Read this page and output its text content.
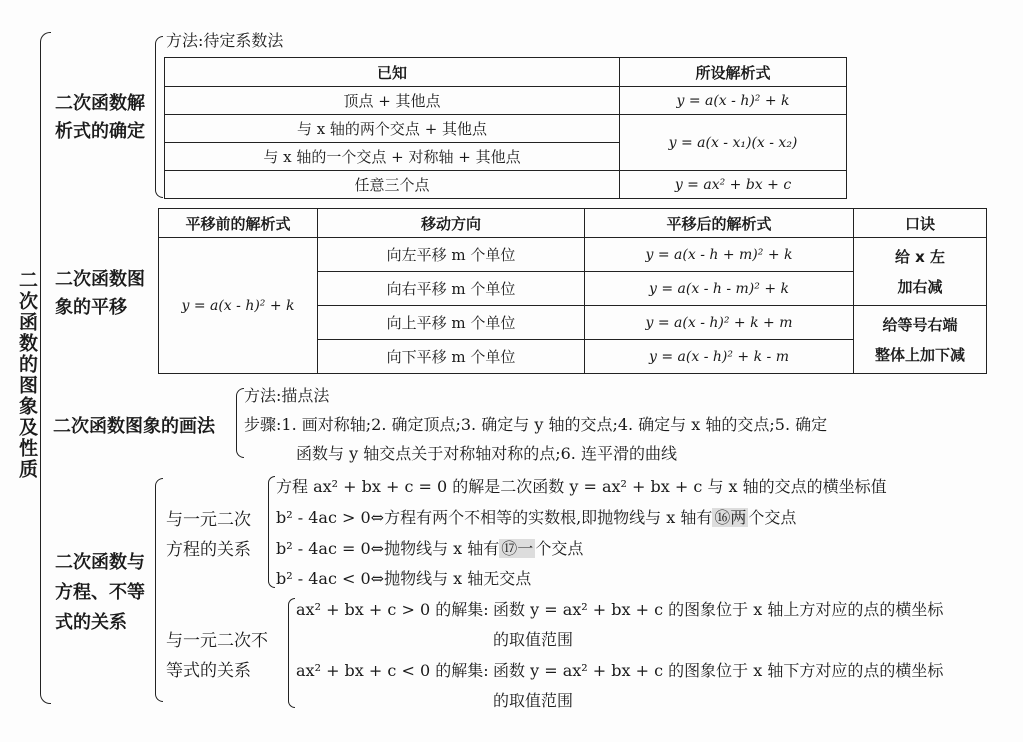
二次函数的图象及性质
二次函数解
析式的确定
方法:待定系数法
已知	所设解析式
顶点 + 其他点	y = a(x - h)² + k
与 x 轴的两个交点 + 其他点	y = a(x - x₁)(x - x₂)
与 x 轴的一个交点 + 对称轴 + 其他点	
任意三个点	y = ax² + bx + c
二次函数图
象的平移
平移前的解析式	移动方向	平移后的解析式	口诀
y = a(x - h)² + k	向左平移 m 个单位	y = a(x - h + m)² + k	给 x 左
加右减
	向右平移 m 个单位	y = a(x - h - m)² + k	
	向上平移 m 个单位	y = a(x - h)² + k + m	给等号右端
整体上加下减
	向下平移 m 个单位	y = a(x - h)² + k - m	
二次函数图象的画法
方法:描点法
步骤:1. 画对称轴;2. 确定顶点;3. 确定与 y 轴的交点;4. 确定与 x 轴的交点;5. 确定
函数与 y 轴交点关于对称轴对称的点;6. 连平滑的曲线
二次函数与
方程、不等
式的关系
与一元二次
方程的关系
方程 ax² + bx + c = 0 的解是二次函数 y = ax² + bx + c 与 x 轴的交点的横坐标值
b² - 4ac > 0⇔方程有两个不相等的实数根,即抛物线与 x 轴有 ⑯两 个交点
b² - 4ac = 0⇔抛物线与 x 轴有 ⑰一 个交点
b² - 4ac < 0⇔抛物线与 x 轴无交点
与一元二次不
等式的关系
ax² + bx + c > 0 的解集: 函数 y = ax² + bx + c 的图象位于 x 轴上方对应的点的横坐标
的取值范围
ax² + bx + c < 0 的解集: 函数 y = ax² + bx + c 的图象位于 x 轴下方对应的点的横坐标
的取值范围
